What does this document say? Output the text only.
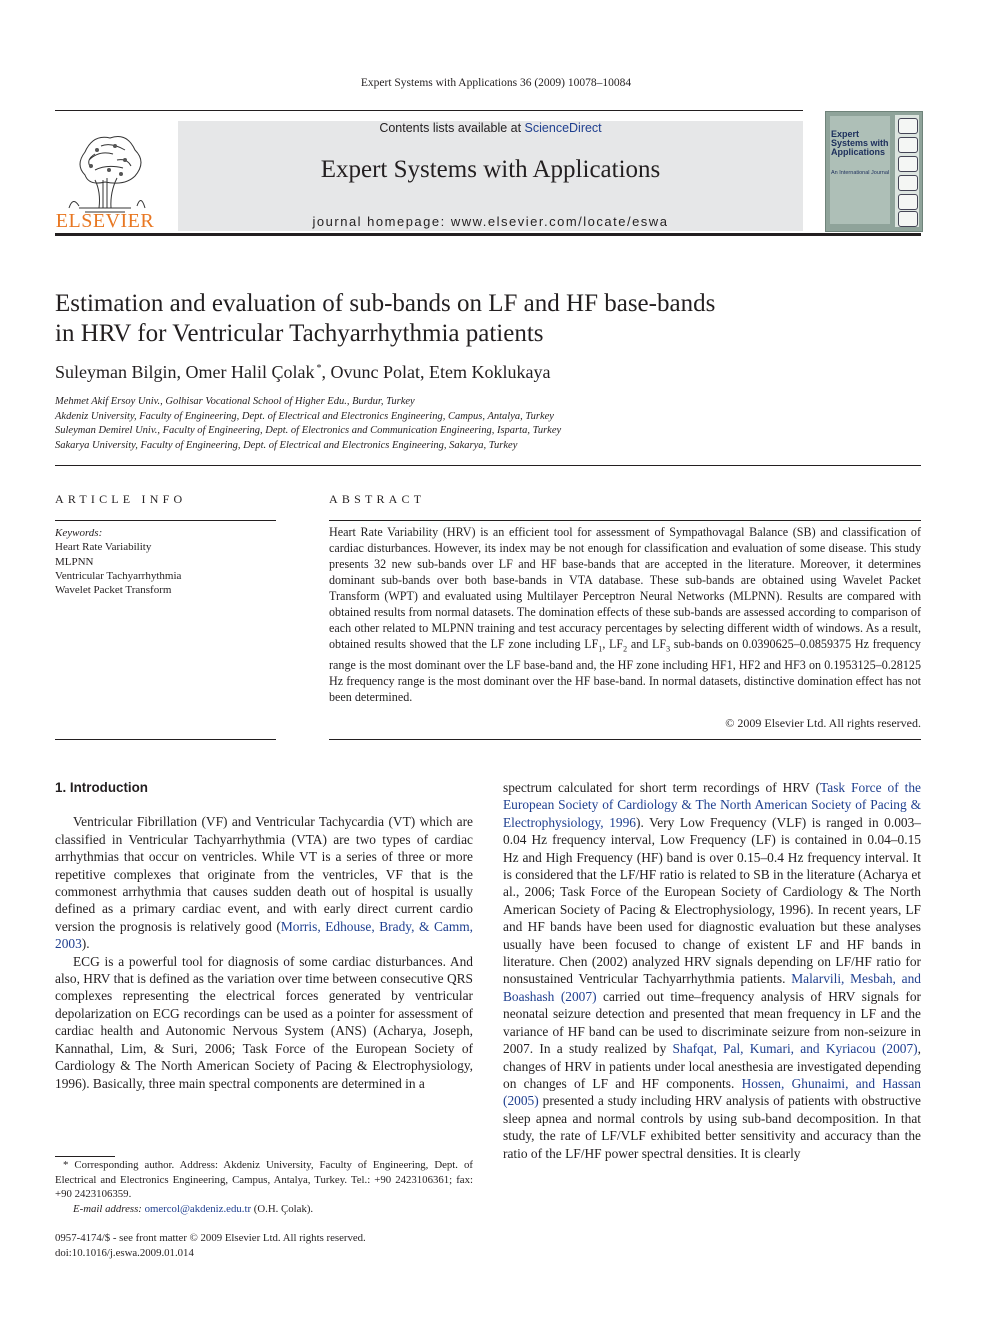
Expert Systems with Applications 36 (2009) 10078–10084
ELSEVIER
Contents lists available at ScienceDirect
Expert Systems with Applications
journal homepage: www.elsevier.com/locate/eswa
Expert Systems with Applications
An International Journal
Estimation and evaluation of sub-bands on LF and HF base-bands
in HRV for Ventricular Tachyarrhythmia patients
Suleyman Bilgin, Omer Halil Çolak *, Ovunc Polat, Etem Koklukaya
Mehmet Akif Ersoy Univ., Golhisar Vocational School of Higher Edu., Burdur, Turkey
Akdeniz University, Faculty of Engineering, Dept. of Electrical and Electronics Engineering, Campus, Antalya, Turkey
Suleyman Demirel Univ., Faculty of Engineering, Dept. of Electronics and Communication Engineering, Isparta, Turkey
Sakarya University, Faculty of Engineering, Dept. of Electrical and Electronics Engineering, Sakarya, Turkey
ARTICLE INFO	ABSTRACT
Keywords:
Heart Rate Variability
MLPNN
Ventricular Tachyarrhythmia
Wavelet Packet Transform
Heart Rate Variability (HRV) is an efficient tool for assessment of Sympathovagal Balance (SB) and classification of cardiac disturbances. However, its index may be not enough for classification and evaluation of some disease. This study presents 32 new sub-bands over LF and HF base-bands that are accepted in the literature. Moreover, it determines dominant sub-bands over both base-bands in VTA database. These sub-bands are obtained using Wavelet Packet Transform (WPT) and evaluated using Multilayer Perceptron Neural Networks (MLPNN). Results are compared with obtained results from normal datasets. The domination effects of these sub-bands are assessed according to comparison of each other related to MLPNN training and test accuracy percentages by selecting different width of windows. As a result, obtained results showed that the LF zone including $LF_1$, $LF_2$ and $LF_3$ sub-bands on 0.0390625–0.0859375 Hz frequency range is the most dominant over the LF base-band and, the HF zone including HF1, HF2 and HF3 on 0.1953125–0.28125 Hz frequency range is the most dominant over the HF base-band. In normal datasets, distinctive domination effect has not been determined.
© 2009 Elsevier Ltd. All rights reserved.
1. Introduction

Ventricular Fibrillation (VF) and Ventricular Tachycardia (VT) which are classified in Ventricular Tachyarrhythmia (VTA) are two types of cardiac arrhythmias that occur on ventricles. While VT is a series of three or more repetitive complexes that originate from the ventricles, VF that is the commonest arrhythmia that causes sudden death out of hospital is usually defined as a primary cardiac event, and with early direct current cardio version the prognosis is relatively good (Morris, Edhouse, Brady, & Camm, 2003).

ECG is a powerful tool for diagnosis of some cardiac disturbances. And also, HRV that is defined as the variation over time between consecutive QRS complexes representing the electrical forces generated by ventricular depolarization on ECG recordings can be used as a pointer for assessment of cardiac health and Autonomic Nervous System (ANS) (Acharya, Joseph, Kannathal, Lim, & Suri, 2006; Task Force of the European Society of Cardiology & The North American Society of Pacing & Electrophysiology, 1996). Basically, three main spectral components are determined in a

spectrum calculated for short term recordings of HRV (Task Force of the European Society of Cardiology & The North American Society of Pacing & Electrophysiology, 1996). Very Low Frequency (VLF) is ranged in 0.003–0.04 Hz frequency interval, Low Frequency (LF) is contained in 0.04–0.15 Hz and High Frequency (HF) band is over 0.15–0.4 Hz frequency interval. It is considered that the LF/HF ratio is related to SB in the literature (Acharya et al., 2006; Task Force of the European Society of Cardiology & The North American Society of Pacing & Electrophysiology, 1996). In recent years, LF and HF bands have been used for diagnostic evaluation but these analyses usually have been focused to change of existent LF and HF bands in literature. Chen (2002) analyzed HRV signals depending on LF/HF ratio for nonsustained Ventricular Tachyarrhythmia patients. Malarvili, Mesbah, and Boashash (2007) carried out time–frequency analysis of HRV signals for neonatal seizure detection and presented that mean frequency in LF and the variance of HF band can be used to discriminate seizure from non-seizure in 2007. In a study realized by Shafqat, Pal, Kumari, and Kyriacou (2007), changes of HRV in patients under local anesthesia are investigated depending on changes of LF and HF components. Hossen, Ghunaimi, and Hassan (2005) presented a study including HRV analysis of patients with obstructive sleep apnea and normal controls by using sub-band decomposition. In that study, the rate of LF/VLF exhibited better sensitivity and accuracy than the ratio of the LF/HF power spectral densities. It is clearly

* Corresponding author. Address: Akdeniz University, Faculty of Engineering, Dept. of Electrical and Electronics Engineering, Campus, Antalya, Turkey. Tel.: +90 2423106361; fax: +90 2423106359.
E-mail address: omercol@akdeniz.edu.tr (O.H. Çolak).
0957-4174/$ - see front matter © 2009 Elsevier Ltd. All rights reserved.
doi:10.1016/j.eswa.2009.01.014
